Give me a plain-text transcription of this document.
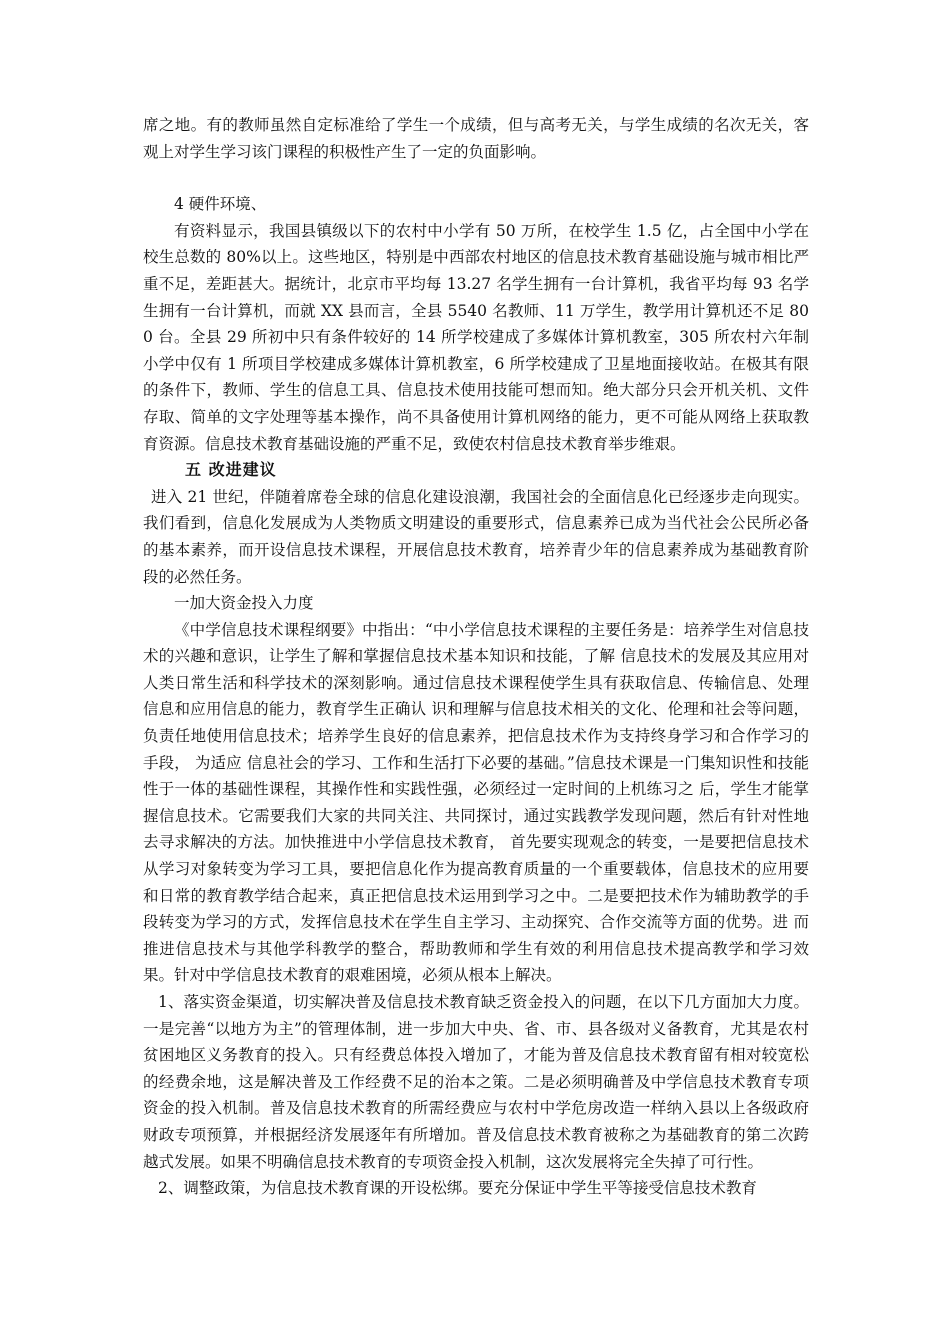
席之地。有的教师虽然自定标准给了学生一个成绩，但与高考无关，与学生成绩的名次无关，客观上对学生学习该门课程的积极性产生了一定的负面影响。

4 硬件环境、

有资料显示，我国县镇级以下的农村中小学有 50 万所，在校学生 1.5 亿，占全国中小学在校生总数的 80%以上。这些地区，特别是中西部农村地区的信息技术教育基础设施与城市相比严重不足，差距甚大。据统计，北京市平均每 13.27 名学生拥有一台计算机，我省平均每 93 名学生拥有一台计算机，而就 XX 县而言，全县 5540 名教师、11 万学生，教学用计算机还不足 800 台。全县 29 所初中只有条件较好的 14 所学校建成了多媒体计算机教室，305 所农村六年制小学中仅有 1 所项目学校建成多媒体计算机教室，6 所学校建成了卫星地面接收站。在极其有限的条件下，教师、学生的信息工具、信息技术使用技能可想而知。绝大部分只会开机关机、文件存取、简单的文字处理等基本操作，尚不具备使用计算机网络的能力，更不可能从网络上获取教育资源。信息技术教育基础设施的严重不足，致使农村信息技术教育举步维艰。

五 改进建议

进入 21 世纪，伴随着席卷全球的信息化建设浪潮，我国社会的全面信息化已经逐步走向现实。我们看到，信息化发展成为人类物质文明建设的重要形式，信息素养已成为当代社会公民所必备的基本素养，而开设信息技术课程，开展信息技术教育，培养青少年的信息素养成为基础教育阶段的必然任务。

一加大资金投入力度

《中学信息技术课程纲要》中指出：“中小学信息技术课程的主要任务是：培养学生对信息技术的兴趣和意识，让学生了解和掌握信息技术基本知识和技能，了解 信息技术的发展及其应用对人类日常生活和科学技术的深刻影响。通过信息技术课程使学生具有获取信息、传输信息、处理信息和应用信息的能力，教育学生正确认 识和理解与信息技术相关的文化、伦理和社会等问题，负责任地使用信息技术；培养学生良好的信息素养，把信息技术作为支持终身学习和合作学习的手段， 为适应 信息社会的学习、工作和生活打下必要的基础。”信息技术课是一门集知识性和技能性于一体的基础性课程，其操作性和实践性强，必须经过一定时间的上机练习之 后，学生才能掌握信息技术。它需要我们大家的共同关注、共同探讨，通过实践教学发现问题，然后有针对性地去寻求解决的方法。加快推进中小学信息技术教育， 首先要实现观念的转变，一是要把信息技术从学习对象转变为学习工具，要把信息化作为提高教育质量的一个重要载体，信息技术的应用要和日常的教育教学结合起来，真正把信息技术运用到学习之中。二是要把技术作为辅助教学的手段转变为学习的方式，发挥信息技术在学生自主学习、主动探究、合作交流等方面的优势。进 而推进信息技术与其他学科教学的整合，帮助教师和学生有效的利用信息技术提高教学和学习效果。针对中学信息技术教育的艰难困境，必须从根本上解决。

1、落实资金渠道，切实解决普及信息技术教育缺乏资金投入的问题，在以下几方面加大力度。一是完善“以地方为主”的管理体制，进一步加大中央、省、市、县各级对义备教育，尤其是农村贫困地区义务教育的投入。只有经费总体投入增加了，才能为普及信息技术教育留有相对较宽松的经费余地，这是解决普及工作经费不足的治本之策。二是必须明确普及中学信息技术教育专项资金的投入机制。普及信息技术教育的所需经费应与农村中学危房改造一样纳入县以上各级政府财政专项预算，并根据经济发展逐年有所增加。普及信息技术教育被称之为基础教育的第二次跨越式发展。如果不明确信息技术教育的专项资金投入机制，这次发展将完全失掉了可行性。

2、调整政策，为信息技术教育课的开设松绑。要充分保证中学生平等接受信息技术教育
